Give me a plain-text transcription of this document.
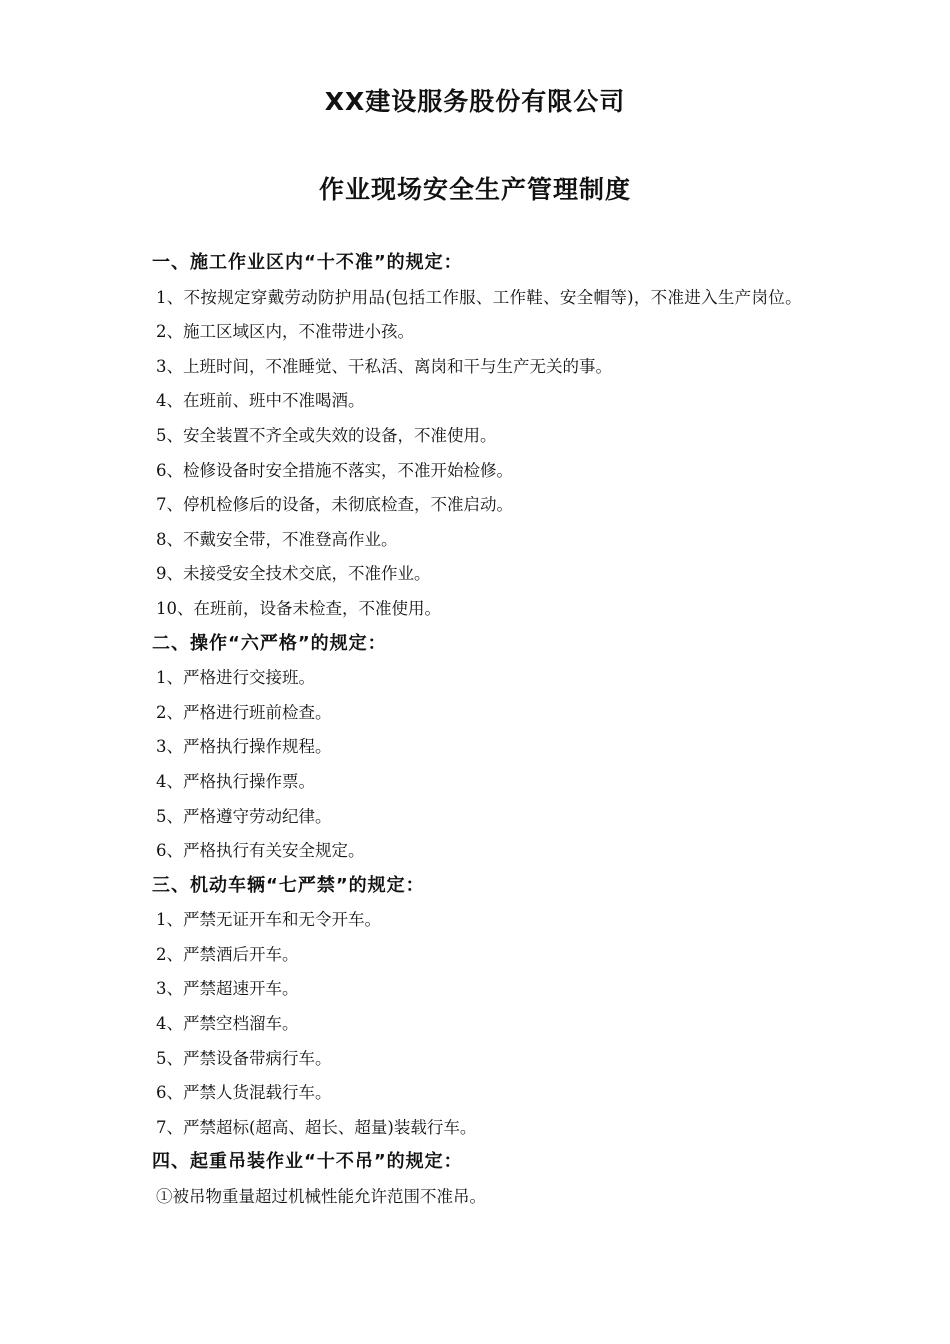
XX建设服务股份有限公司
作业现场安全生产管理制度

一、施工作业区内“十不准”的规定：

1、不按规定穿戴劳动防护用品(包括工作服、工作鞋、安全帽等)，不准进入生产岗位。

2、施工区域区内，不准带进小孩。

3、上班时间，不准睡觉、干私活、离岗和干与生产无关的事。

4、在班前、班中不准喝酒。

5、安全装置不齐全或失效的设备，不准使用。

6、检修设备时安全措施不落实，不准开始检修。

7、停机检修后的设备，未彻底检查，不准启动。

8、不戴安全带，不准登高作业。

9、未接受安全技术交底，不准作业。

10、在班前，设备未检查，不准使用。

二、操作“六严格”的规定：

1、严格进行交接班。

2、严格进行班前检查。

3、严格执行操作规程。

4、严格执行操作票。

5、严格遵守劳动纪律。

6、严格执行有关安全规定。

三、机动车辆“七严禁”的规定：

1、严禁无证开车和无令开车。

2、严禁酒后开车。

3、严禁超速开车。

4、严禁空档溜车。

5、严禁设备带病行车。

6、严禁人货混载行车。

7、严禁超标(超高、超长、超量)装载行车。

四、起重吊装作业“十不吊”的规定：

①被吊物重量超过机械性能允许范围不准吊。
